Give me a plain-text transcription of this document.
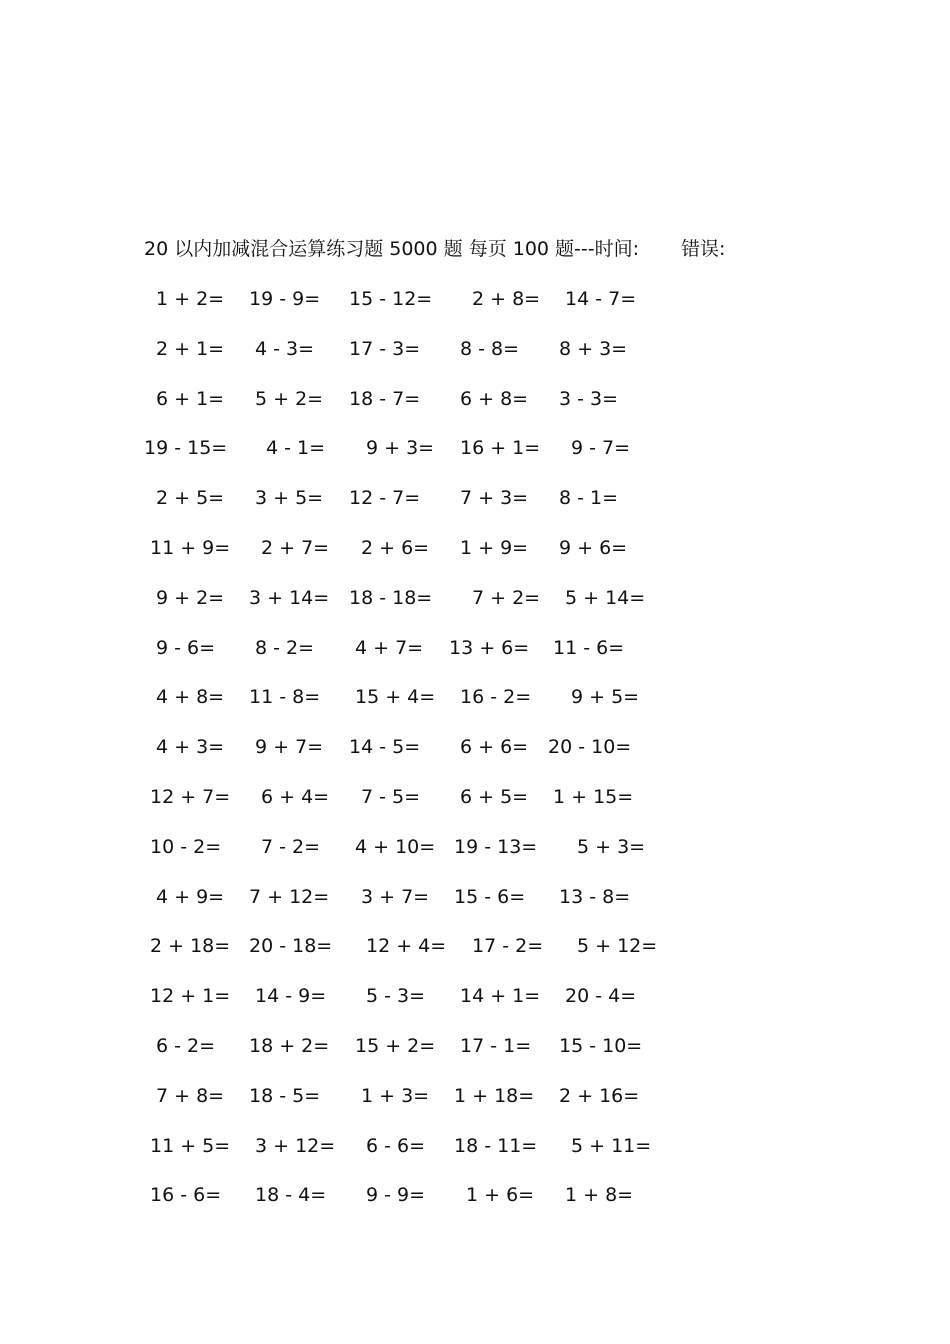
20 以内加减混合运算练习题 5000 题 每页 100 题---时间: 错误:
1 + 2= 19 - 9= 15 - 12= 2 + 8= 14 - 7=
2 + 1= 4 - 3= 17 - 3= 8 - 8= 8 + 3=
6 + 1= 5 + 2= 18 - 7= 6 + 8= 3 - 3=
19 - 15= 4 - 1= 9 + 3= 16 + 1= 9 - 7=
2 + 5= 3 + 5= 12 - 7= 7 + 3= 8 - 1=
11 + 9= 2 + 7= 2 + 6= 1 + 9= 9 + 6=
9 + 2= 3 + 14= 18 - 18= 7 + 2= 5 + 14=
9 - 6= 8 - 2= 4 + 7= 13 + 6= 11 - 6=
4 + 8= 11 - 8= 15 + 4= 16 - 2= 9 + 5=
4 + 3= 9 + 7= 14 - 5= 6 + 6= 20 - 10=
12 + 7= 6 + 4= 7 - 5= 6 + 5= 1 + 15=
10 - 2= 7 - 2= 4 + 10= 19 - 13= 5 + 3=
4 + 9= 7 + 12= 3 + 7= 15 - 6= 13 - 8=
2 + 18= 20 - 18= 12 + 4= 17 - 2= 5 + 12=
12 + 1= 14 - 9= 5 - 3= 14 + 1= 20 - 4=
6 - 2= 18 + 2= 15 + 2= 17 - 1= 15 - 10=
7 + 8= 18 - 5= 1 + 3= 1 + 18= 2 + 16=
11 + 5= 3 + 12= 6 - 6= 18 - 11= 5 + 11=
16 - 6= 18 - 4= 9 - 9= 1 + 6= 1 + 8=
